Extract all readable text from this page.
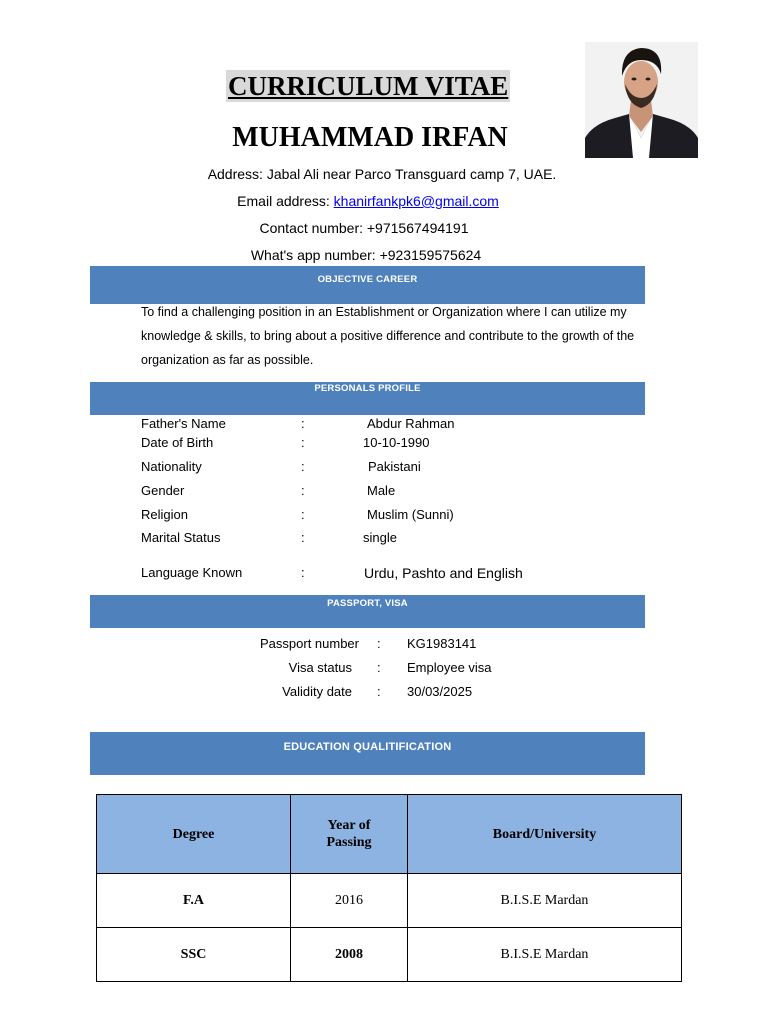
CURRICULUM VITAE
MUHAMMAD IRFAN
Address: Jabal Ali near Parco Transguard camp 7, UAE.
Email address: khanirfankpk6@gmail.com
Contact number: +971567494191
What's app number: +923159575624
OBJECTIVE CAREER
To find a challenging position in an Establishment or Organization where I can utilize my knowledge & skills, to bring about a positive difference and contribute to the growth of the organization as far as possible.
PERSONALS PROFILE
Father's Name	:	Abdur Rahman
Date of Birth	:	10-10-1990
Nationality	:	Pakistani
Gender	:	Male
Religion	:	Muslim (Sunni)
Marital Status	:	single
Language Known	:	Urdu, Pashto and English
PASSPORT, VISA
Passport number : KG1983141
Visa status : Employee visa
Validity date : 30/03/2025
EDUCATION QUALITIFICATION
Degree	Year of Passing	Board/University
F.A	2016	B.I.S.E Mardan
SSC	2008	B.I.S.E Mardan
